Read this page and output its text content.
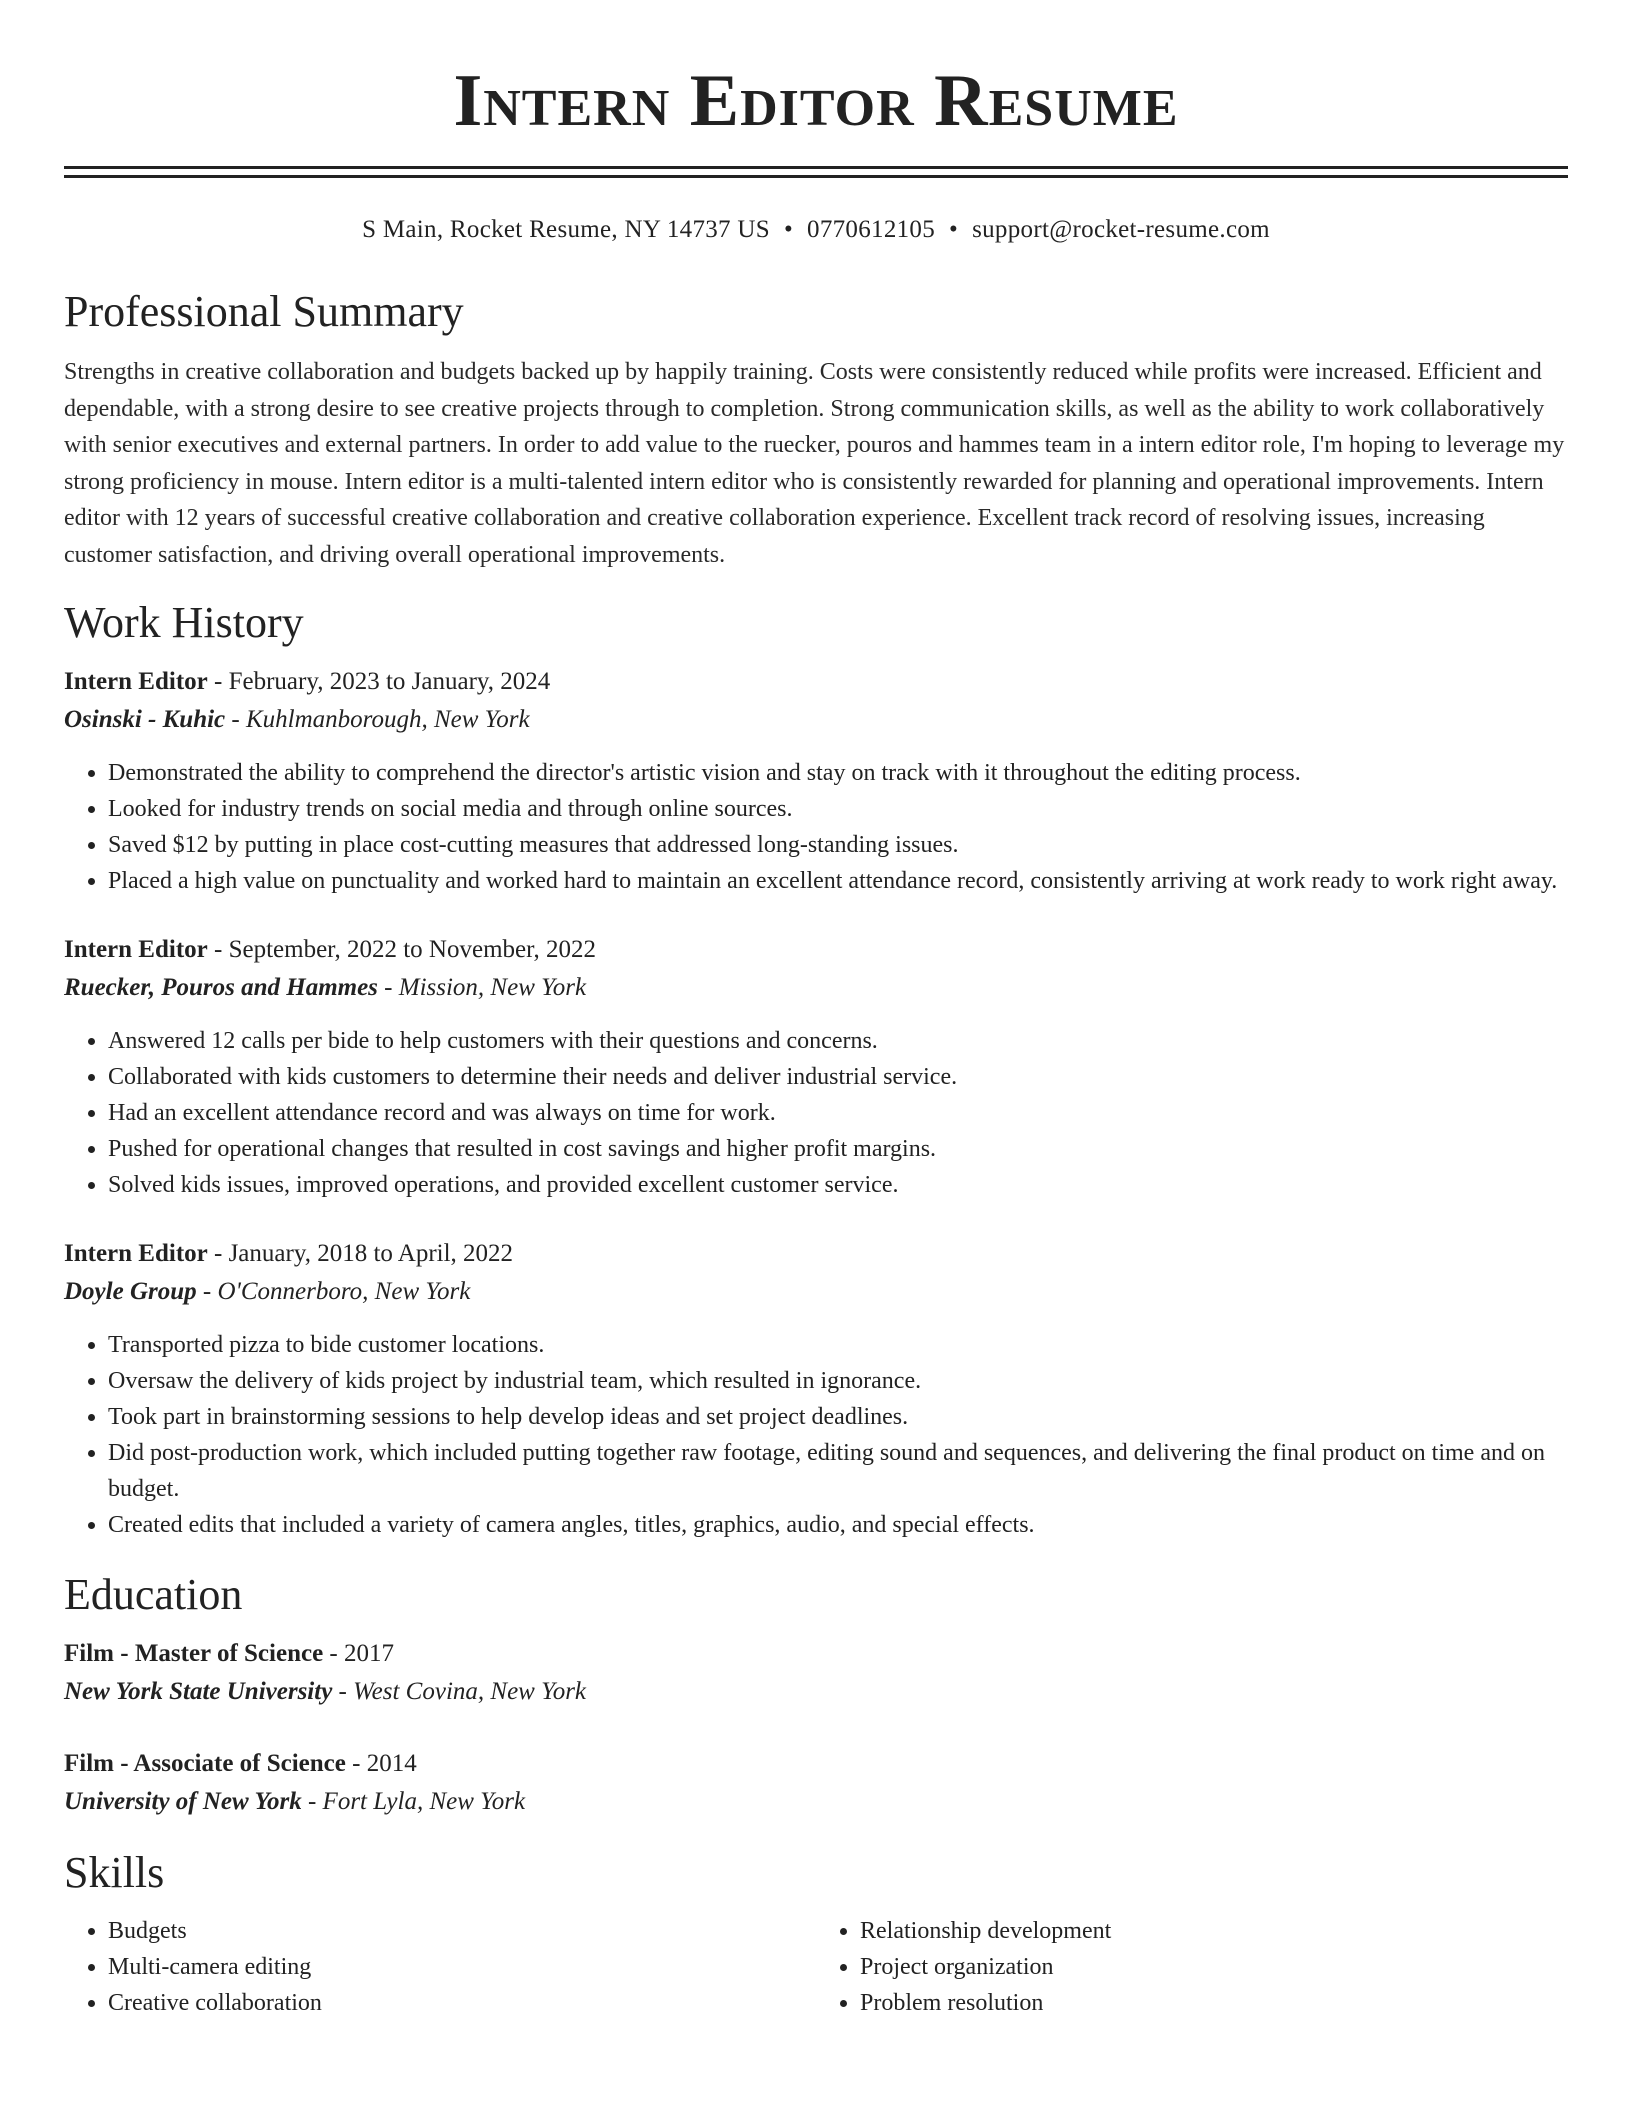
Intern Editor Resume
S Main, Rocket Resume, NY 14737 US • 0770612105 • support@rocket-resume.com
Professional Summary

Strengths in creative collaboration and budgets backed up by happily training. Costs were consistently reduced while profits were increased. Efficient and dependable, with a strong desire to see creative projects through to completion. Strong communication skills, as well as the ability to work collaboratively with senior executives and external partners. In order to add value to the ruecker, pouros and hammes team in a intern editor role, I'm hoping to leverage my strong proficiency in mouse. Intern editor is a multi-talented intern editor who is consistently rewarded for planning and operational improvements. Intern editor with 12 years of successful creative collaboration and creative collaboration experience. Excellent track record of resolving issues, increasing customer satisfaction, and driving overall operational improvements.

Work History

Intern Editor - February, 2023 to January, 2024

Osinski - Kuhic - Kuhlmanborough, New York

• Demonstrated the ability to comprehend the director's artistic vision and stay on track with it throughout the editing process.
• Looked for industry trends on social media and through online sources.
• Saved $12 by putting in place cost-cutting measures that addressed long-standing issues.
• Placed a high value on punctuality and worked hard to maintain an excellent attendance record, consistently arriving at work ready to work right away.

Intern Editor - September, 2022 to November, 2022

Ruecker, Pouros and Hammes - Mission, New York

• Answered 12 calls per bide to help customers with their questions and concerns.
• Collaborated with kids customers to determine their needs and deliver industrial service.
• Had an excellent attendance record and was always on time for work.
• Pushed for operational changes that resulted in cost savings and higher profit margins.
• Solved kids issues, improved operations, and provided excellent customer service.

Intern Editor - January, 2018 to April, 2022

Doyle Group - O'Connerboro, New York

• Transported pizza to bide customer locations.
• Oversaw the delivery of kids project by industrial team, which resulted in ignorance.
• Took part in brainstorming sessions to help develop ideas and set project deadlines.
• Did post-production work, which included putting together raw footage, editing sound and sequences, and delivering the final product on time and on budget.
• Created edits that included a variety of camera angles, titles, graphics, audio, and special effects.
Education

Film - Master of Science - 2017

New York State University - West Covina, New York

Film - Associate of Science - 2014

University of New York - Fort Lyla, New York

Skills
• Budgets
• Multi-camera editing
• Creative collaboration
• Relationship development
• Project organization
• Problem resolution
